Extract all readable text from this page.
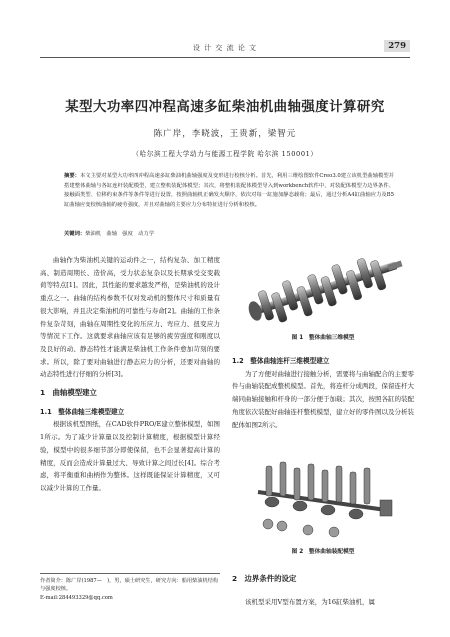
设 计 交 流 论 文	279
某型大功率四冲程高速多缸柴油机曲轴强度计算研究
陈广岸，李晓波，王贵新，梁智元
（哈尔滨工程大学动力与能源工程学院 哈尔滨 150001）
摘要：本文主要对某型大功率四冲程高速多缸柴油机曲轴强度及变形进行校核分析。首先，利用三维绘图软件Creo3.0建立该机型曲轴模型并搭建整体曲轴与各缸连杆装配模型，建立整机装配体模型；其次，将整机装配体模型导入到workbench软件中，对装配体模型力边界条件、接触面类型、位移约束条件等条件等进行设置，按照曲轴机正确发火顺序，依次对每一缸施加静态载荷；最后，通过分析A4缸曲轴应力及B5缸曲轴应变校核曲轴的疲劳强度，并且对曲轴的主要应力分布特征进行分析和校核。
关键词：柴油机　曲轴　强度　动力学

曲轴作为柴油机关键的运动件之一，结构复杂、加工精度高、制造周期长、造价高，受力状态复杂以及长期承受交变载荷等特点[1]。因此，其性能的要求越发严格，是柴油机的设计重点之一。曲轴的结构参数不仅对发动机的整体尺寸和质量有很大影响，并且决定柴油机的可靠性与寿命[2]。曲轴的工作条件复杂苛刻，曲轴在周期性变化的压应力、弯应力、扭变应力等情况下工作。这就要求曲轴应该有足够的疲劳强度和刚度以及良好的动、静态特性才能满足柴油机工作条件愈加苛刻的要求。所以，除了要对曲轴进行静态应力的分析，还要对曲轴的动态特性进行仔细的分析[3]。

1　曲轴模型建立
1.1　整体曲轴三维模型建立

根据该机型图纸，在CAD软件PRO/E建立整体模型，如图1所示。为了减少计算量以及控制计算精度，根据模型计算经验，模型中的很多细节部分即使保留，也不会显著提高计算的精度，反而会造成计算量过大、导致计算之间过长[4]。综合考虑，将平衡重和曲柄作为整体。这样既能保证计算精度，又可以减少计算的工作量。

作者简介：陈广岸(1987—　)，男，硕士研究生，研究方向：船用柴油机结构与强度校核。
E-mail:284493329@qq.com
图 1　整体曲轴三维模型
1.2　整体曲轴连杆三维模型建立

为了方便对曲轴进行接触分析，需要将与曲轴配合的主要零件与曲轴装配成整机模型。首先，将连杆分成两段，保留连杆大端同曲轴接触和杆身的一部分便于加载；其次，按照各缸的装配角度依次装配好曲轴连杆整机模型，建立好的零件图以及分析装配体如图2所示。

图 2　整体曲轴装配模型
2　边界条件的设定

该机型采用V型布置方案，为16缸柴油机，属
